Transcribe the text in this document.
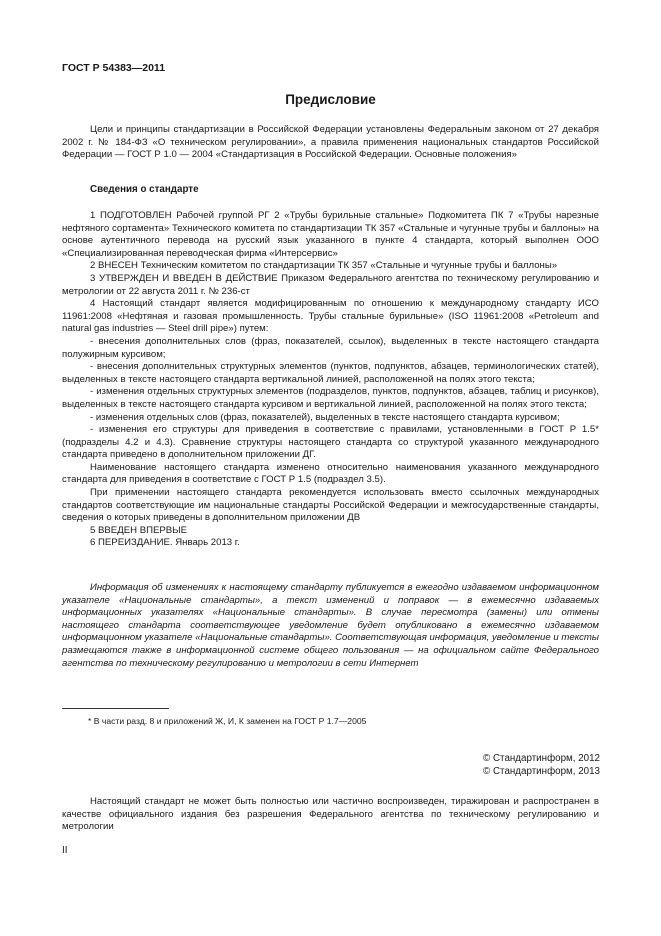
ГОСТ Р 54383—2011
Предисловие

Цели и принципы стандартизации в Российской Федерации установлены Федеральным законом от 27 декабря 2002 г. № 184-ФЗ «О техническом регулировании», а правила применения национальных стандартов Российской Федерации — ГОСТ Р 1.0 — 2004 «Стандартизация в Российской Федерации. Основные положения»

Сведения о стандарте

1 ПОДГОТОВЛЕН Рабочей группой РГ 2 «Трубы бурильные стальные» Подкомитета ПК 7 «Трубы нарезные нефтяного сортамента» Технического комитета по стандартизации ТК 357 «Стальные и чугунные трубы и баллоны» на основе аутентичного перевода на русский язык указанного в пункте 4 стандарта, который выполнен ООО «Специализированная переводческая фирма «Интерсервис»

2 ВНЕСЕН Техническим комитетом по стандартизации ТК 357 «Стальные и чугунные трубы и баллоны»

3 УТВЕРЖДЕН И ВВЕДЕН В ДЕЙСТВИЕ Приказом Федерального агентства по техническому регулированию и метрологии от 22 августа 2011 г. № 236-ст

4 Настоящий стандарт является модифицированным по отношению к международному стандарту ИСО 11961:2008 «Нефтяная и газовая промышленность. Трубы стальные бурильные» (ISO 11961:2008 «Petroleum and natural gas industries — Steel drill pipe») путем:

- внесения дополнительных слов (фраз, показателей, ссылок), выделенных в тексте настоящего стандарта полужирным курсивом;

- внесения дополнительных структурных элементов (пунктов, подпунктов, абзацев, терминологических статей), выделенных в тексте настоящего стандарта вертикальной линией, расположенной на полях этого текста;

- изменения отдельных структурных элементов (подразделов, пунктов, подпунктов, абзацев, таблиц и рисунков), выделенных в тексте настоящего стандарта курсивом и вертикальной линией, расположенной на полях этого текста;

- изменения отдельных слов (фраз, показателей), выделенных в тексте настоящего стандарта курсивом;

- изменения его структуры для приведения в соответствие с правилами, установленными в ГОСТ Р 1.5* (подразделы 4.2 и 4.3). Сравнение структуры настоящего стандарта со структурой указанного международного стандарта приведено в дополнительном приложении ДГ.

Наименование настоящего стандарта изменено относительно наименования указанного международного стандарта для приведения в соответствие с ГОСТ Р 1.5 (подраздел 3.5).

При применении настоящего стандарта рекомендуется использовать вместо ссылочных международных стандартов соответствующие им национальные стандарты Российской Федерации и межгосударственные стандарты, сведения о которых приведены в дополнительном приложении ДВ

5 ВВЕДЕН ВПЕРВЫЕ

6 ПЕРЕИЗДАНИЕ. Январь 2013 г.

Информация об изменениях к настоящему стандарту публикуется в ежегодно издаваемом информационном указателе «Национальные стандарты», а текст изменений и поправок — в ежемесячно издаваемых информационных указателях «Национальные стандарты». В случае пересмотра (замены) или отмены настоящего стандарта соответствующее уведомление будет опубликовано в ежемесячно издаваемом информационном указателе «Национальные стандарты». Соответствующая информация, уведомление и тексты размещаются также в информационной системе общего пользования — на официальном сайте Федерального агентства по техническому регулированию и метрологии в сети Интернет

* В части разд. 8 и приложений Ж, И, К заменен на ГОСТ Р 1.7—2005
© Стандартинформ, 2012
© Стандартинформ, 2013

Настоящий стандарт не может быть полностью или частично воспроизведен, тиражирован и распространен в качестве официального издания без разрешения Федерального агентства по техническому регулированию и метрологии

II
